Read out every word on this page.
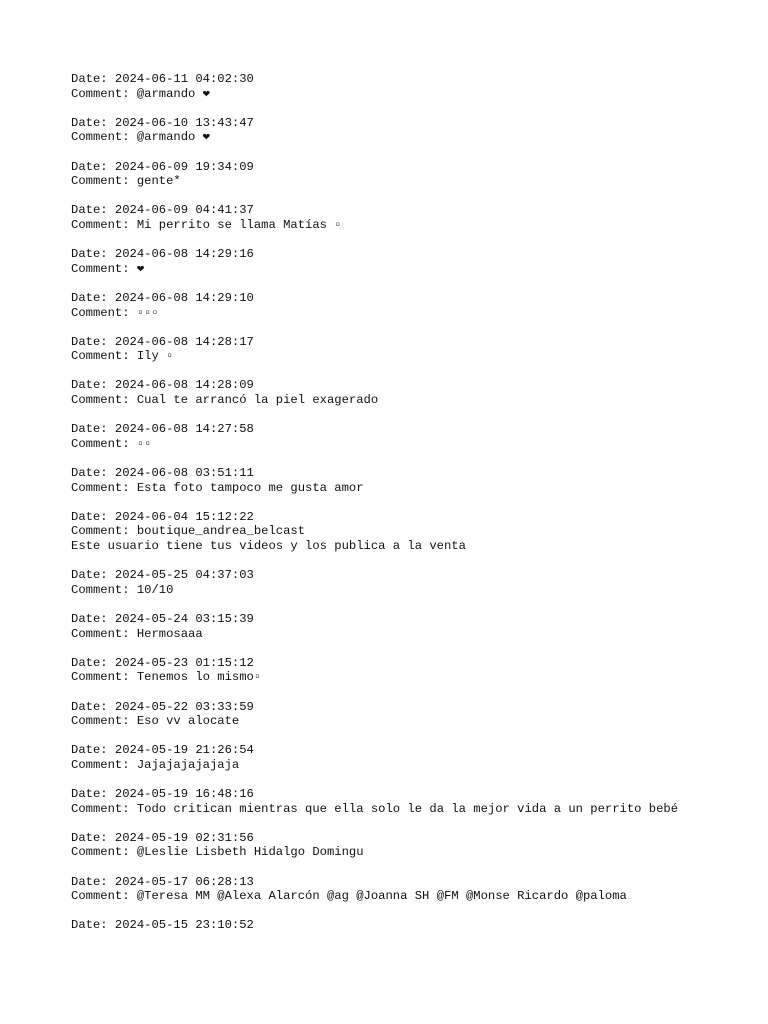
Date: 2024-06-11 04:02:30
Comment: @armando ❤
Date: 2024-06-10 13:43:47
Comment: @armando ❤
Date: 2024-06-09 19:34:09
Comment: gente*
Date: 2024-06-09 04:41:37
Comment: Mi perrito se llama Matías ▫
Date: 2024-06-08 14:29:16
Comment: ❤
Date: 2024-06-08 14:29:10
Comment: ▫▫▫
Date: 2024-06-08 14:28:17
Comment: Ily ▫
Date: 2024-06-08 14:28:09
Comment: Cual te arrancó la piel exagerado
Date: 2024-06-08 14:27:58
Comment: ▫▫
Date: 2024-06-08 03:51:11
Comment: Esta foto tampoco me gusta amor
Date: 2024-06-04 15:12:22
Comment: boutique_andrea_belcast
Este usuario tiene tus videos y los publica a la venta
Date: 2024-05-25 04:37:03
Comment: 10/10
Date: 2024-05-24 03:15:39
Comment: Hermosaaa
Date: 2024-05-23 01:15:12
Comment: Tenemos lo mismo▫
Date: 2024-05-22 03:33:59
Comment: Eso vv alocate
Date: 2024-05-19 21:26:54
Comment: Jajajajajajaja
Date: 2024-05-19 16:48:16
Comment: Todo critican mientras que ella solo le da la mejor vida a un perrito bebé
Date: 2024-05-19 02:31:56
Comment: @Leslie Lisbeth Hidalgo Domingu
Date: 2024-05-17 06:28:13
Comment: @Teresa MM @Alexa Alarcón @ag @Joanna SH @FM @Monse Ricardo @paloma
Date: 2024-05-15 23:10:52
